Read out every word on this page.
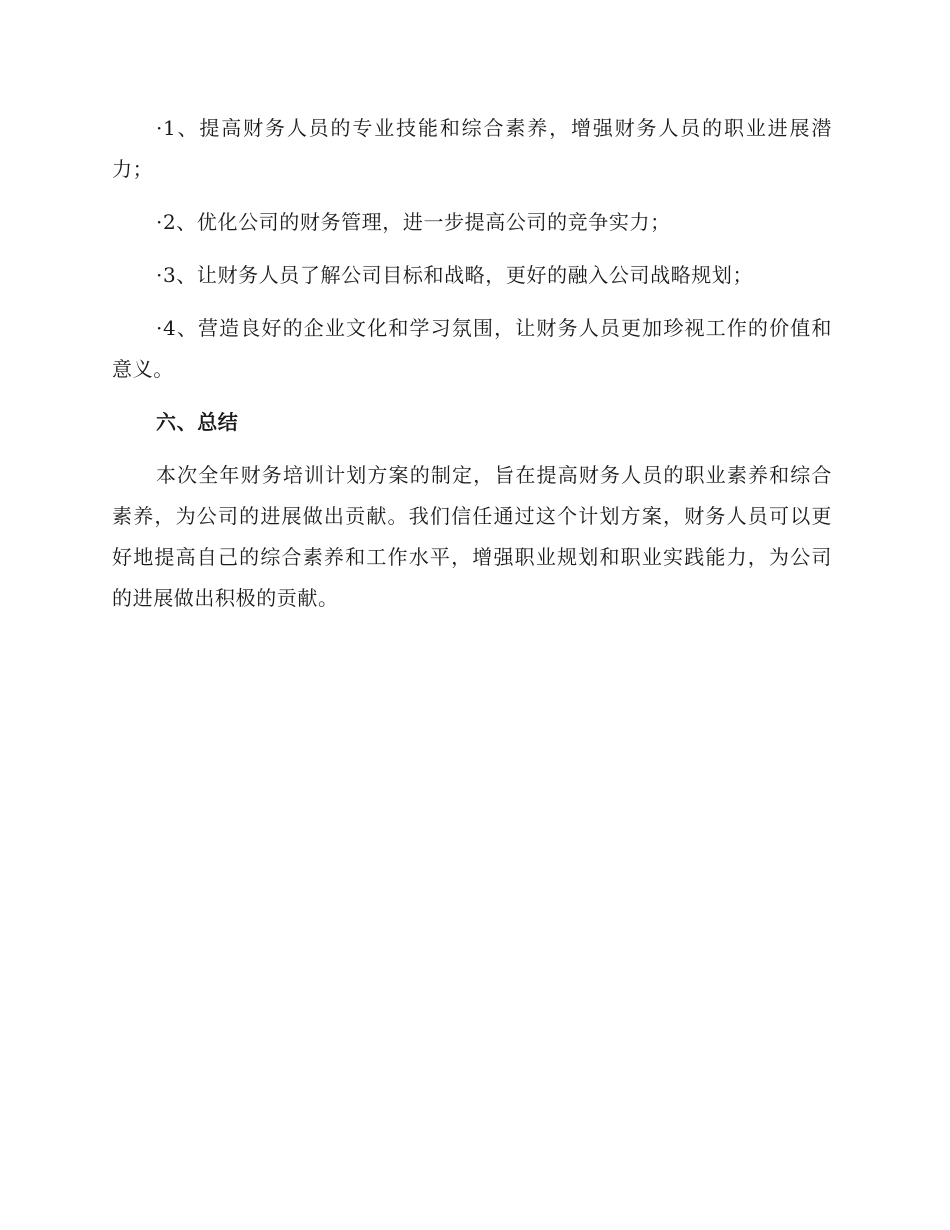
·1、提高财务人员的专业技能和综合素养，增强财务人员的职业进展潜力；

·2、优化公司的财务管理，进一步提高公司的竞争实力；

·3、让财务人员了解公司目标和战略，更好的融入公司战略规划；

·4、营造良好的企业文化和学习氛围，让财务人员更加珍视工作的价值和意义。

六、总结

本次全年财务培训计划方案的制定，旨在提高财务人员的职业素养和综合素养，为公司的进展做出贡献。我们信任通过这个计划方案，财务人员可以更好地提高自己的综合素养和工作水平，增强职业规划和职业实践能力，为公司的进展做出积极的贡献。
